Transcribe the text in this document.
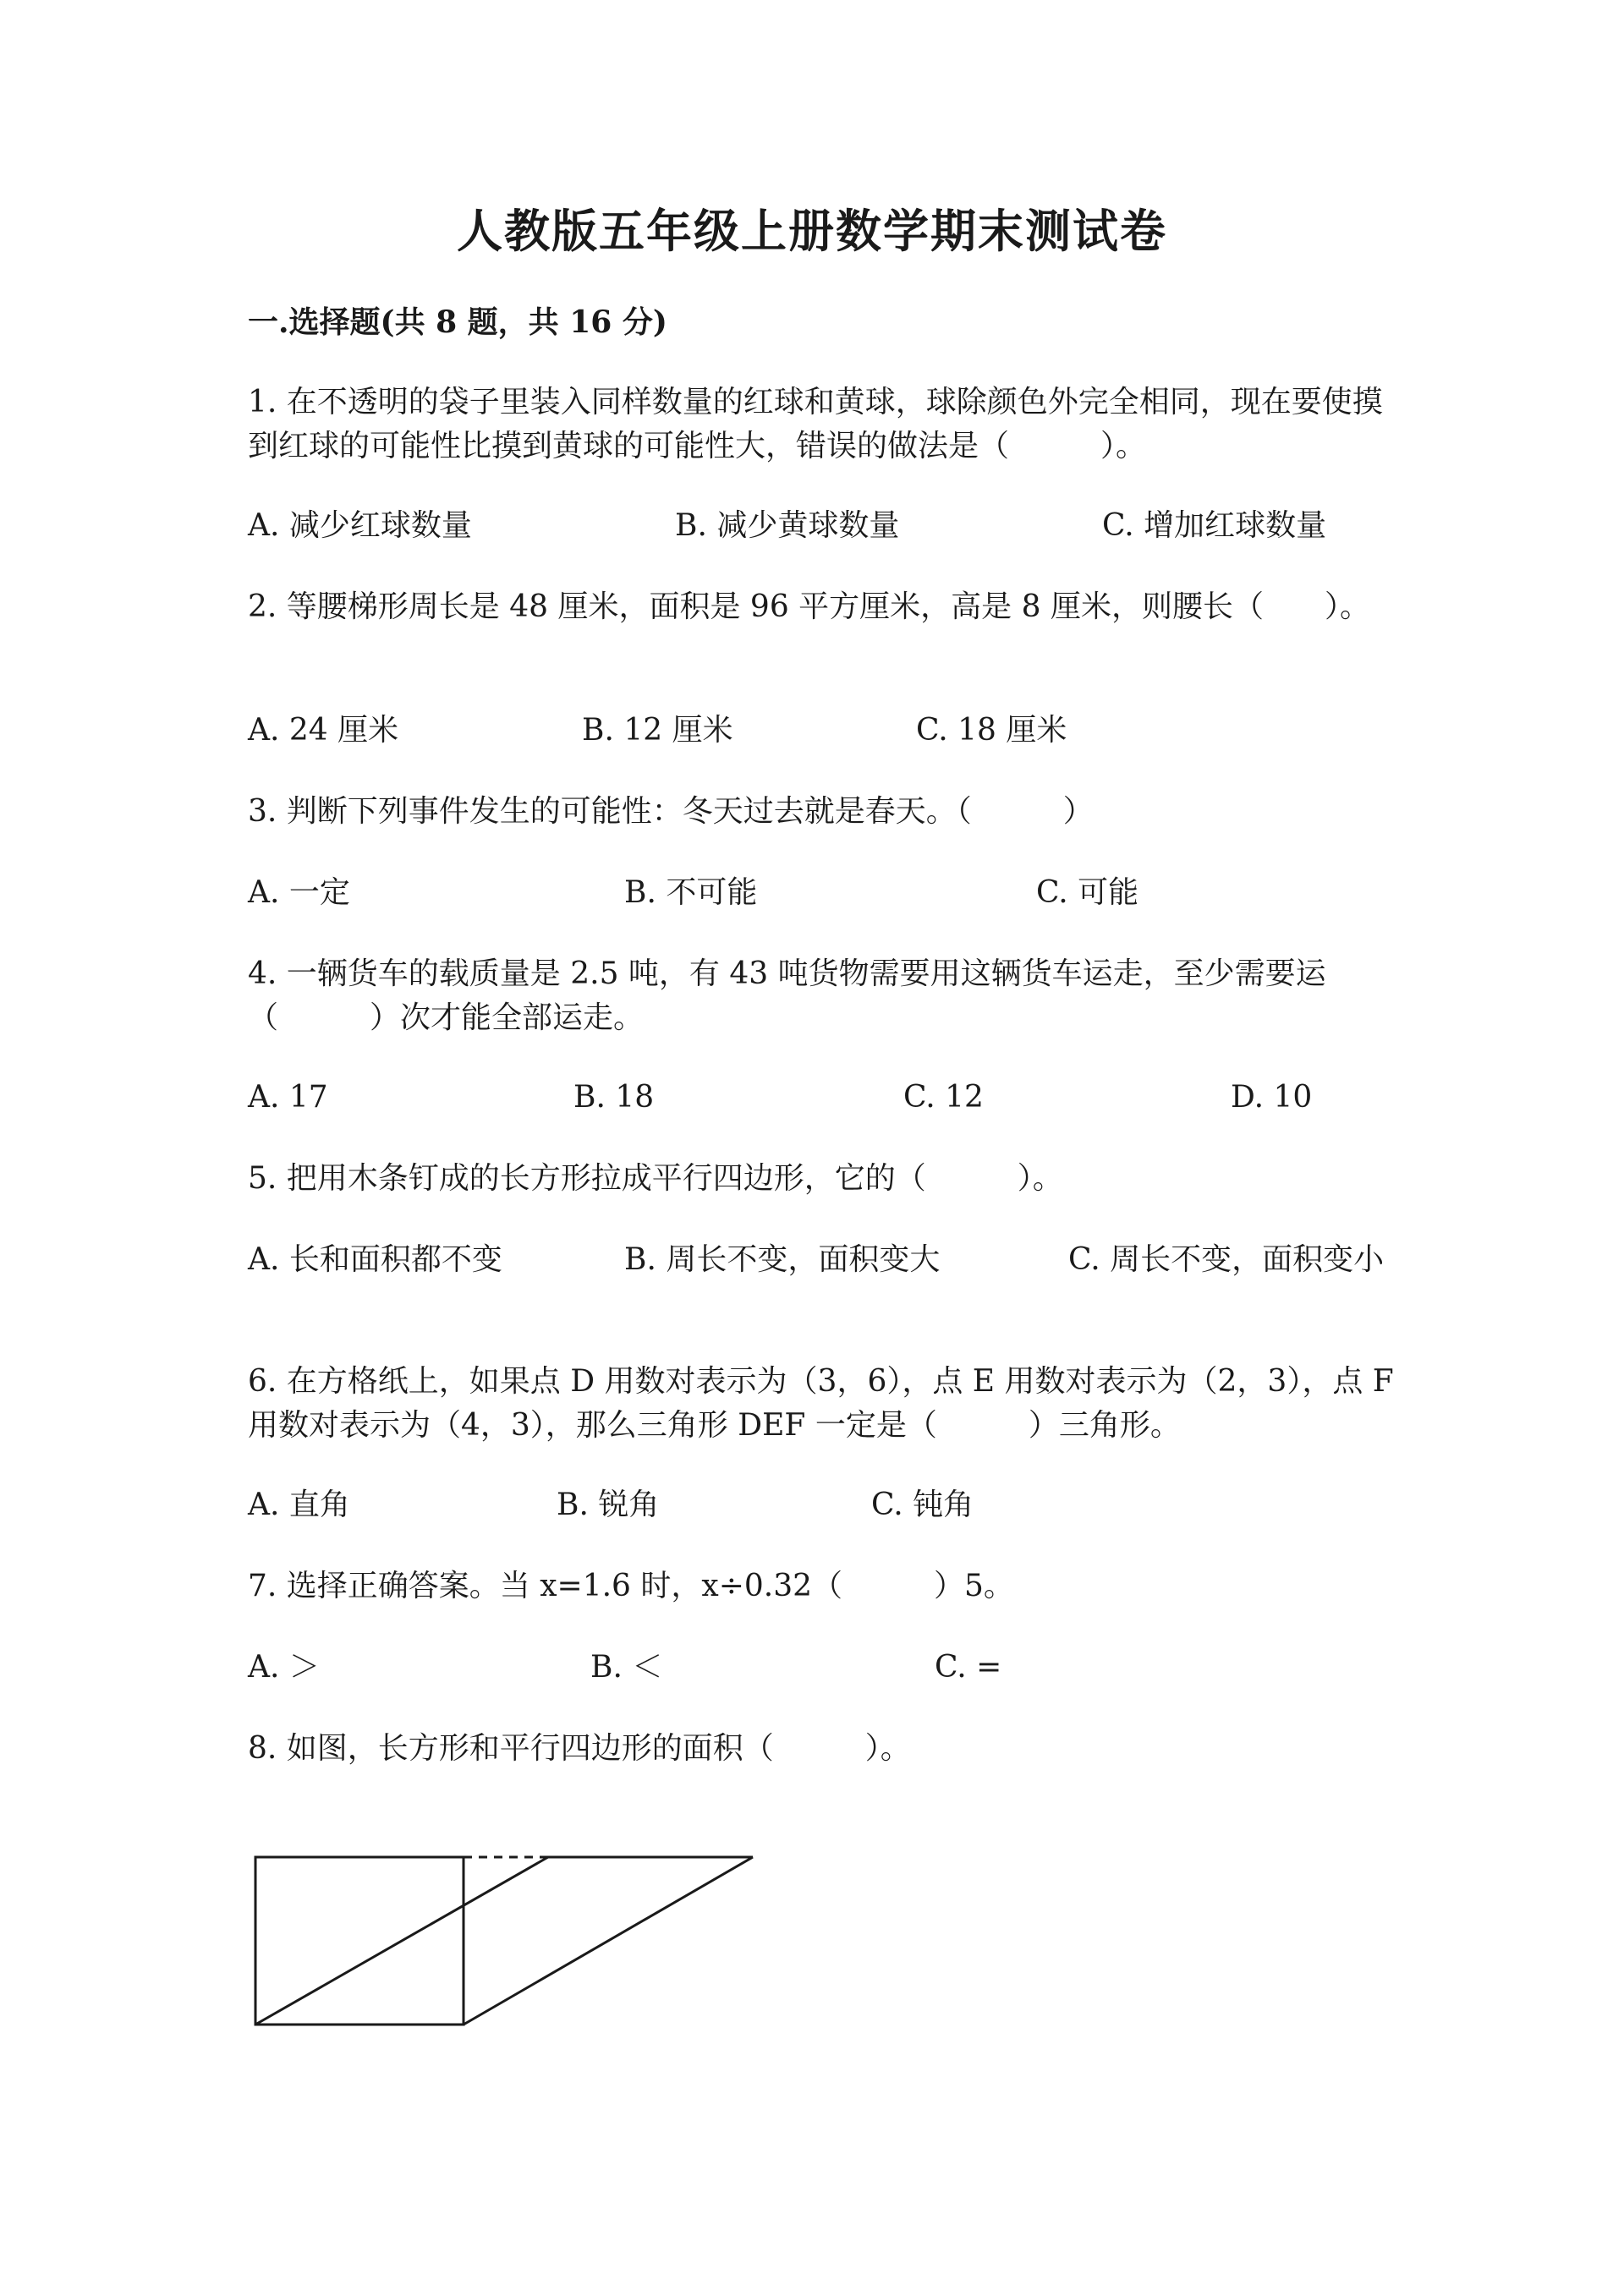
人教版五年级上册数学期末测试卷
一.选择题(共 8 题，共 16 分)
1. 在不透明的袋子里装入同样数量的红球和黄球，球除颜色外完全相同，现在要使摸到红球的可能性比摸到黄球的可能性大，错误的做法是（　　　）。
A. 减少红球数量	B. 减少黄球数量	C. 增加红球数量
2. 等腰梯形周长是 48 厘米，面积是 96 平方厘米，高是 8 厘米，则腰长（　　）。
A. 24 厘米	B. 12 厘米	C. 18 厘米
3. 判断下列事件发生的可能性：冬天过去就是春天。（　　　）
A. 一定	B. 不可能	C. 可能
4. 一辆货车的载质量是 2.5 吨，有 43 吨货物需要用这辆货车运走，至少需要运（　　　）次才能全部运走。
A. 17	B. 18	C. 12	D. 10
5. 把用木条钉成的长方形拉成平行四边形，它的（　　　）。
A. 长和面积都不变	B. 周长不变，面积变大	C. 周长不变，面积变小
6. 在方格纸上，如果点 D 用数对表示为（3，6），点 E 用数对表示为（2，3），点 F 用数对表示为（4，3），那么三角形 DEF 一定是（　　　）三角形。
A. 直角	B. 锐角	C. 钝角
7. 选择正确答案。当 x=1.6 时，x÷0.32（　　　）5。
A. ＞	B. ＜	C. =
8. 如图，长方形和平行四边形的面积（　　　）。
